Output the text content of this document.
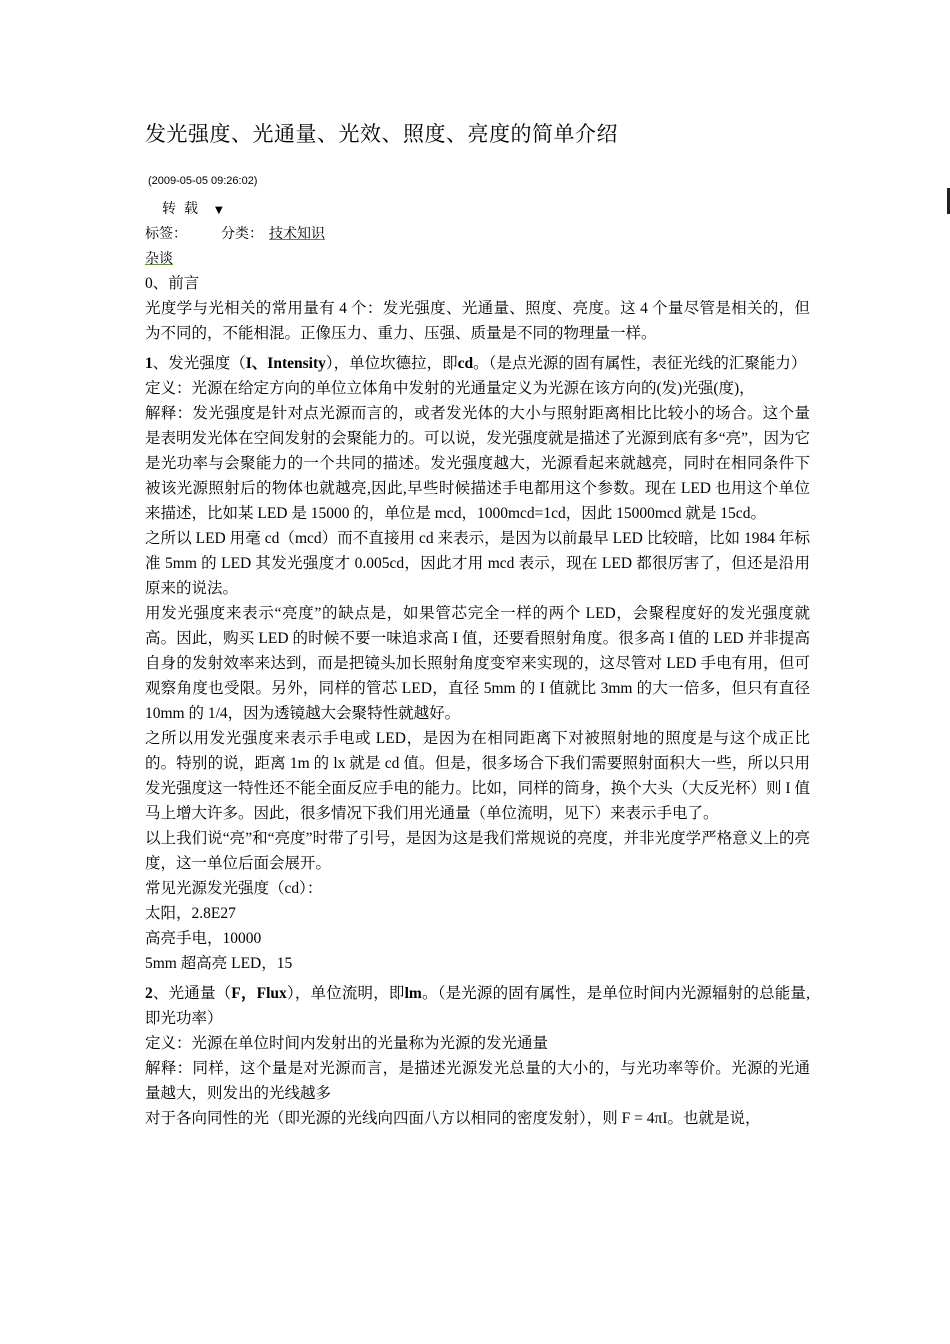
发光强度、光通量、光效、照度、亮度的简单介绍
(2009-05-05 09:26:02)
转载 ▼
标签： 分类： 技术知识
杂谈

0、前言

光度学与光相关的常用量有 4 个：发光强度、光通量、照度、亮度。这 4 个量尽管是相关的，但为不同的，不能相混。正像压力、重力、压强、质量是不同的物理量一样。

1、发光强度（I、Intensity），单位坎德拉，即cd。（是点光源的固有属性，表征光线的汇聚能力）

定义：光源在给定方向的单位立体角中发射的光通量定义为光源在该方向的(发)光强(度)，

解释：发光强度是针对点光源而言的，或者发光体的大小与照射距离相比比较小的场合。这个量是表明发光体在空间发射的会聚能力的。可以说，发光强度就是描述了光源到底有多“亮”，因为它是光功率与会聚能力的一个共同的描述。发光强度越大，光源看起来就越亮，同时在相同条件下被该光源照射后的物体也就越亮,因此,早些时候描述手电都用这个参数。现在 LED 也用这个单位来描述，比如某 LED 是 15000 的，单位是 mcd，1000mcd=1cd，因此 15000mcd 就是 15cd。

之所以 LED 用毫 cd（mcd）而不直接用 cd 来表示，是因为以前最早 LED 比较暗，比如 1984 年标准 5mm 的 LED 其发光强度才 0.005cd，因此才用 mcd 表示，现在 LED 都很厉害了，但还是沿用原来的说法。

用发光强度来表示“亮度”的缺点是，如果管芯完全一样的两个 LED，会聚程度好的发光强度就高。因此，购买 LED 的时候不要一味追求高 I 值，还要看照射角度。很多高 I 值的 LED 并非提高自身的发射效率来达到，而是把镜头加长照射角度变窄来实现的，这尽管对 LED 手电有用，但可观察角度也受限。另外，同样的管芯 LED，直径 5mm 的 I 值就比 3mm 的大一倍多，但只有直径 10mm 的 1/4，因为透镜越大会聚特性就越好。

之所以用发光强度来表示手电或 LED，是因为在相同距离下对被照射地的照度是与这个成正比的。特别的说，距离 1m 的 lx 就是 cd 值。但是，很多场合下我们需要照射面积大一些，所以只用发光强度这一特性还不能全面反应手电的能力。比如，同样的筒身，换个大头（大反光杯）则 I 值马上增大许多。因此，很多情况下我们用光通量（单位流明，见下）来表示手电了。

以上我们说“亮”和“亮度”时带了引号，是因为这是我们常规说的亮度，并非光度学严格意义上的亮度，这一单位后面会展开。

常见光源发光强度（cd）：

太阳，2.8E27

高亮手电，10000

5mm 超高亮 LED，15

2、光通量（F，Flux），单位流明，即lm。（是光源的固有属性，是单位时间内光源辐射的总能量,即光功率）

定义：光源在单位时间内发射出的光量称为光源的发光通量

解释：同样，这个量是对光源而言，是描述光源发光总量的大小的，与光功率等价。光源的光通量越大，则发出的光线越多

对于各向同性的光（即光源的光线向四面八方以相同的密度发射），则 F = 4πI。也就是说，
